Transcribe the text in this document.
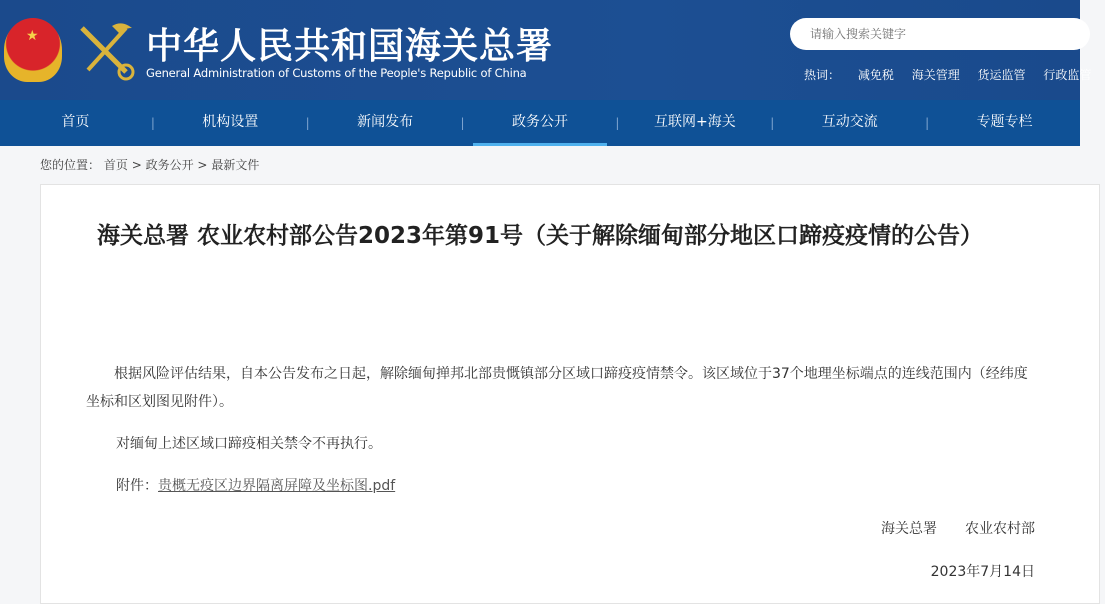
★	中华人民共和国海关总署
General Administration of Customs of the People's Republic of China
请输入搜索关键字	热词： 减免税 海关管理 货运监管 行政监管
首页	|	机构设置	|	新闻发布	|	政务公开	|	互联网+海关	|	互动交流	|	专题专栏
您的位置： 首页 > 政务公开 > 最新文件
海关总署 农业农村部公告2023年第91号（关于解除缅甸部分地区口蹄疫疫情的公告）
根据风险评估结果，自本公告发布之日起，解除缅甸掸邦北部贵慨镇部分区域口蹄疫疫情禁令。该区域位于37个地理坐标端点的连线范围内（经纬度坐标和区划图见附件）。
对缅甸上述区域口蹄疫相关禁令不再执行。
附件：贵概无疫区边界隔离屏障及坐标图.pdf
海关总署　　农业农村部
2023年7月14日
